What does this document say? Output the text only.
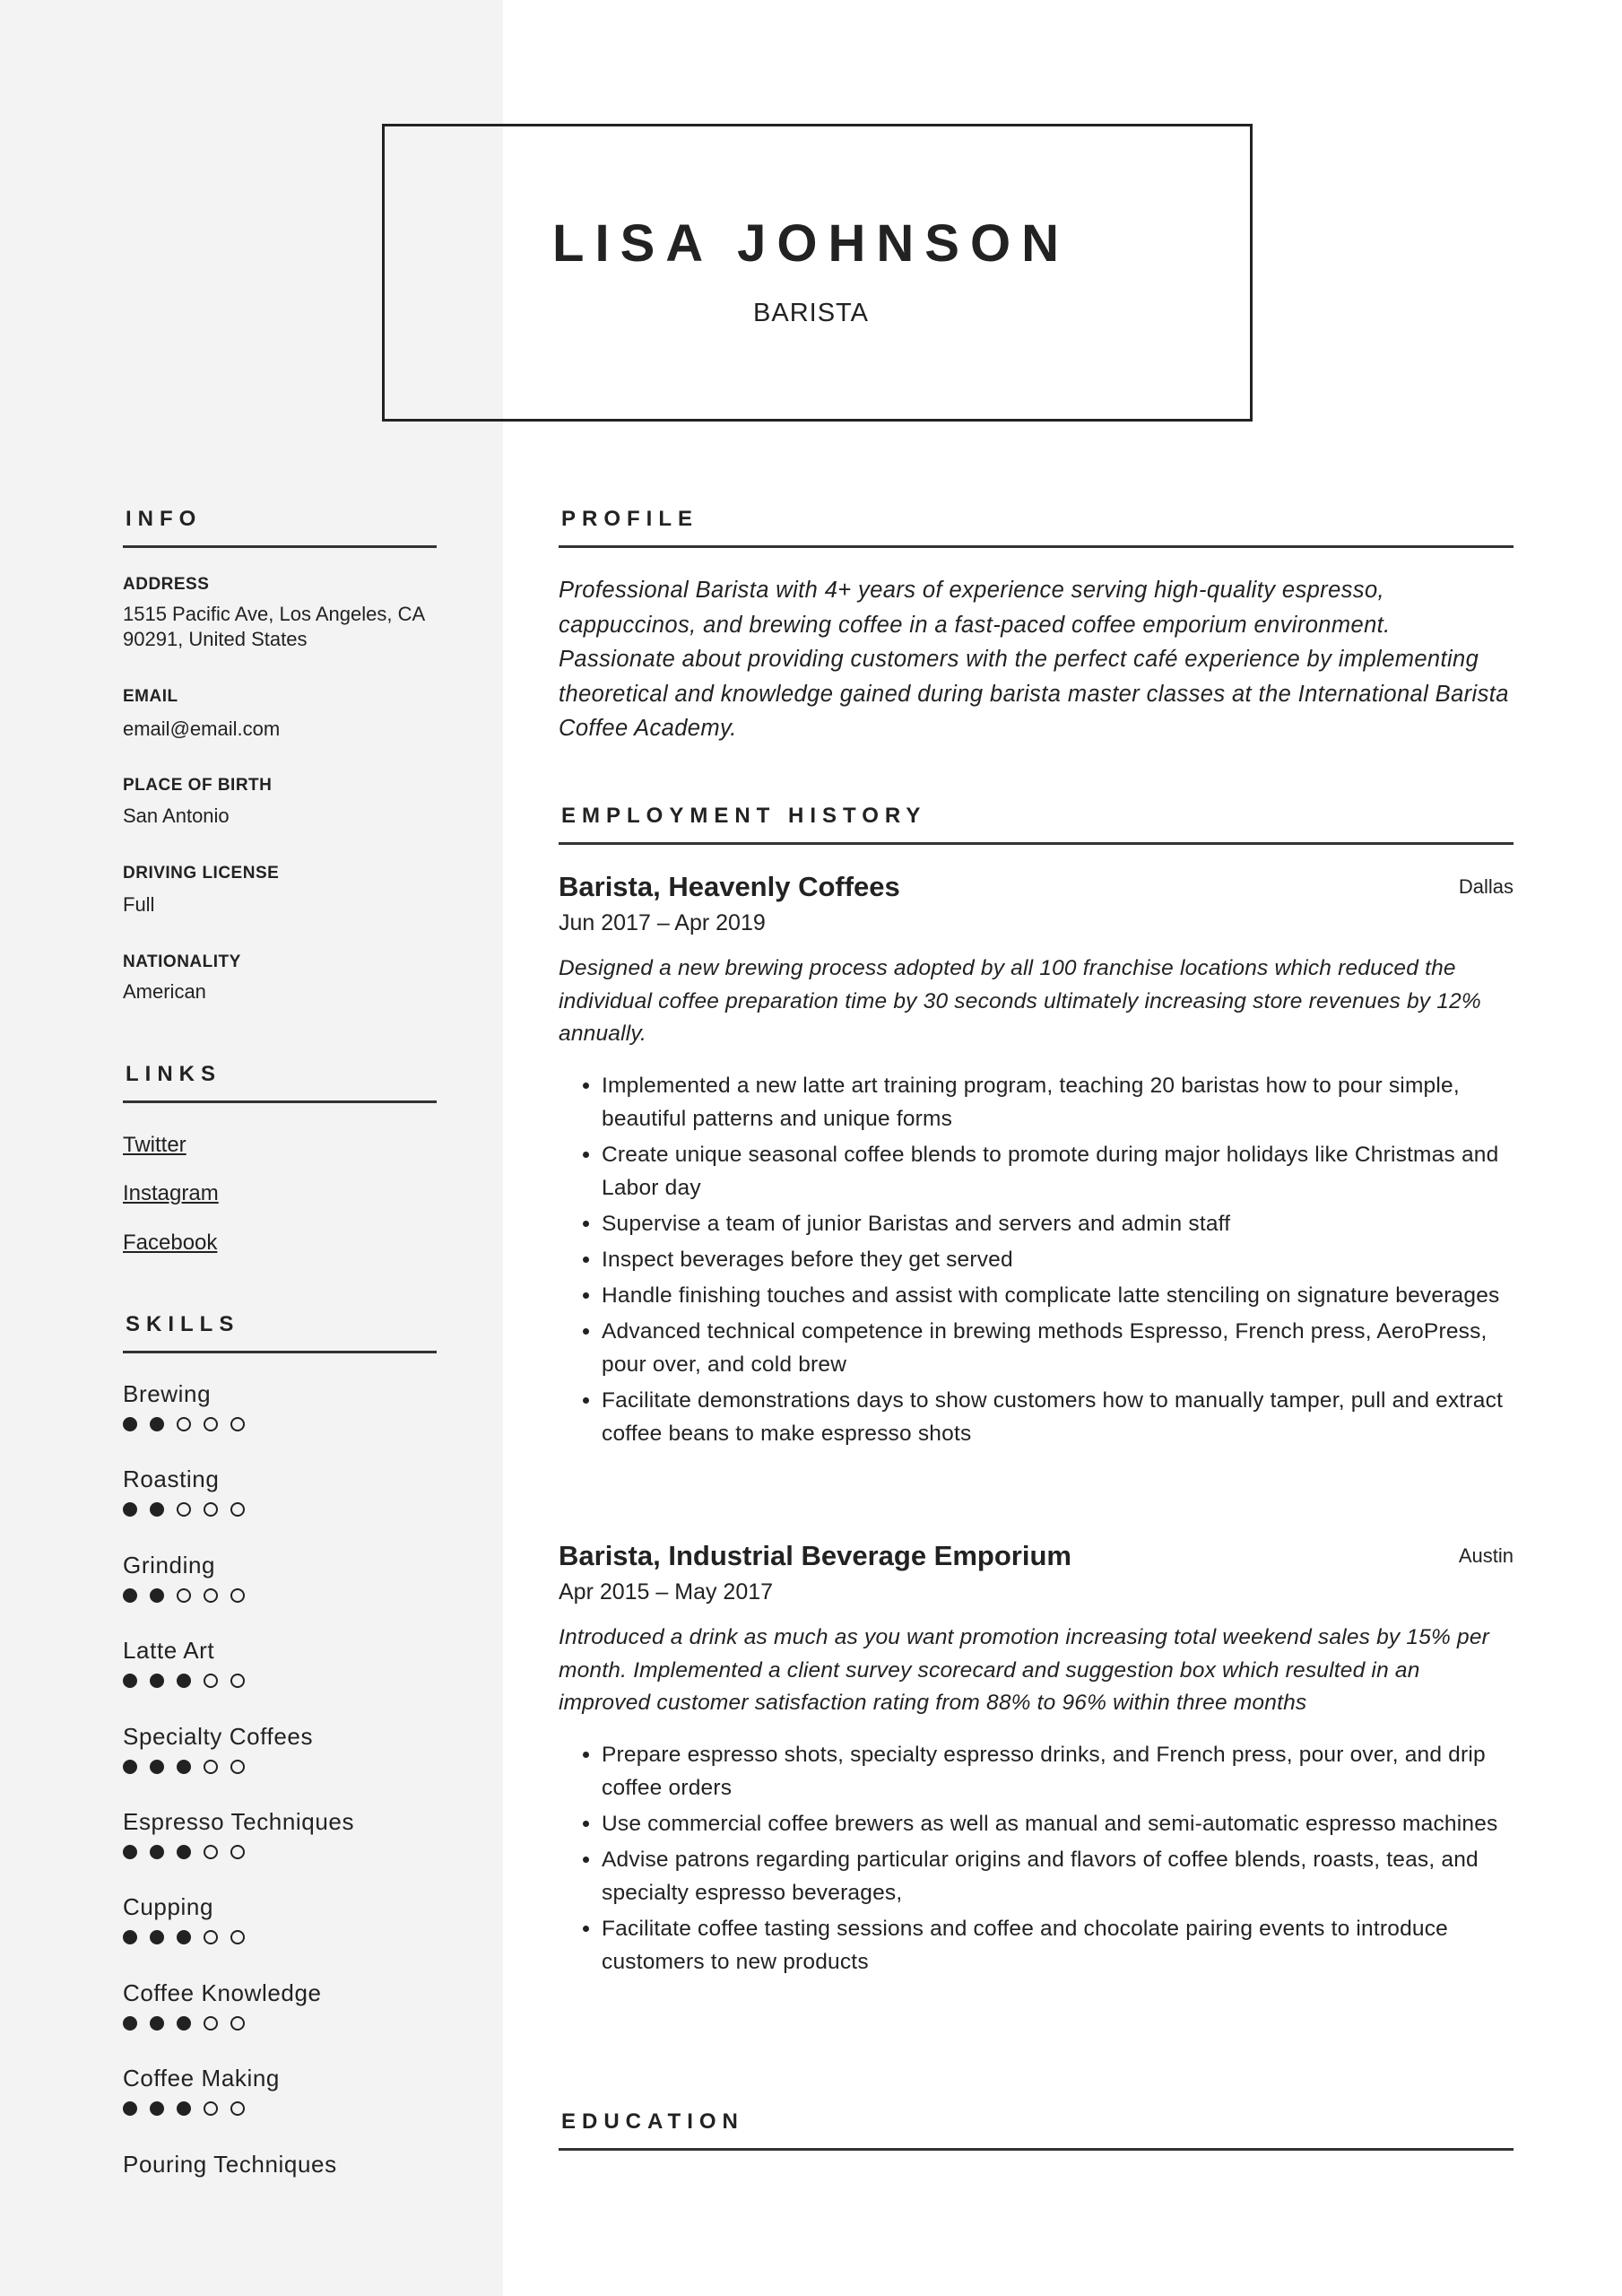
LISA JOHNSON
BARISTA
INFO
ADDRESS
1515 Pacific Ave, Los Angeles, CA
90291, United States
EMAIL
email@email.com
PLACE OF BIRTH
San Antonio
DRIVING LICENSE
Full
NATIONALITY
American
LINKS
Twitter
Instagram
Facebook
SKILLS
Brewing
Roasting
Grinding
Latte Art
Specialty Coffees
Espresso Techniques
Cupping
Coffee Knowledge
Coffee Making
Pouring Techniques
PROFILE
Professional Barista with 4+ years of experience serving high-quality espresso, cappuccinos, and brewing coffee in a fast-paced coffee emporium environment. Passionate about providing customers with the perfect café experience by implementing theoretical and knowledge gained during barista master classes at the International Barista Coffee Academy.
EMPLOYMENT HISTORY
Barista, Heavenly Coffees	Dallas
Jun 2017 – Apr 2019
Designed a new brewing process adopted by all 100 franchise locations which reduced the individual coffee preparation time by 30 seconds ultimately increasing store revenues by 12% annually.
• Implemented a new latte art training program, teaching 20 baristas how to pour simple, beautiful patterns and unique forms
• Create unique seasonal coffee blends to promote during major holidays like Christmas and Labor day
• Supervise a team of junior Baristas and servers and admin staff
• Inspect beverages before they get served
• Handle finishing touches and assist with complicate latte stenciling on signature beverages
• Advanced technical competence in brewing methods Espresso, French press, AeroPress, pour over, and cold brew
• Facilitate demonstrations days to show customers how to manually tamper, pull and extract coffee beans to make espresso shots
Barista, Industrial Beverage Emporium	Austin
Apr 2015 – May 2017
Introduced a drink as much as you want promotion increasing total weekend sales by 15% per month. Implemented a client survey scorecard and suggestion box which resulted in an improved customer satisfaction rating from 88% to 96% within three months
• Prepare espresso shots, specialty espresso drinks, and French press, pour over, and drip coffee orders
• Use commercial coffee brewers as well as manual and semi-automatic espresso machines
• Advise patrons regarding particular origins and flavors of coffee blends, roasts, teas, and specialty espresso beverages,
• Facilitate coffee tasting sessions and coffee and chocolate pairing events to introduce customers to new products
EDUCATION
